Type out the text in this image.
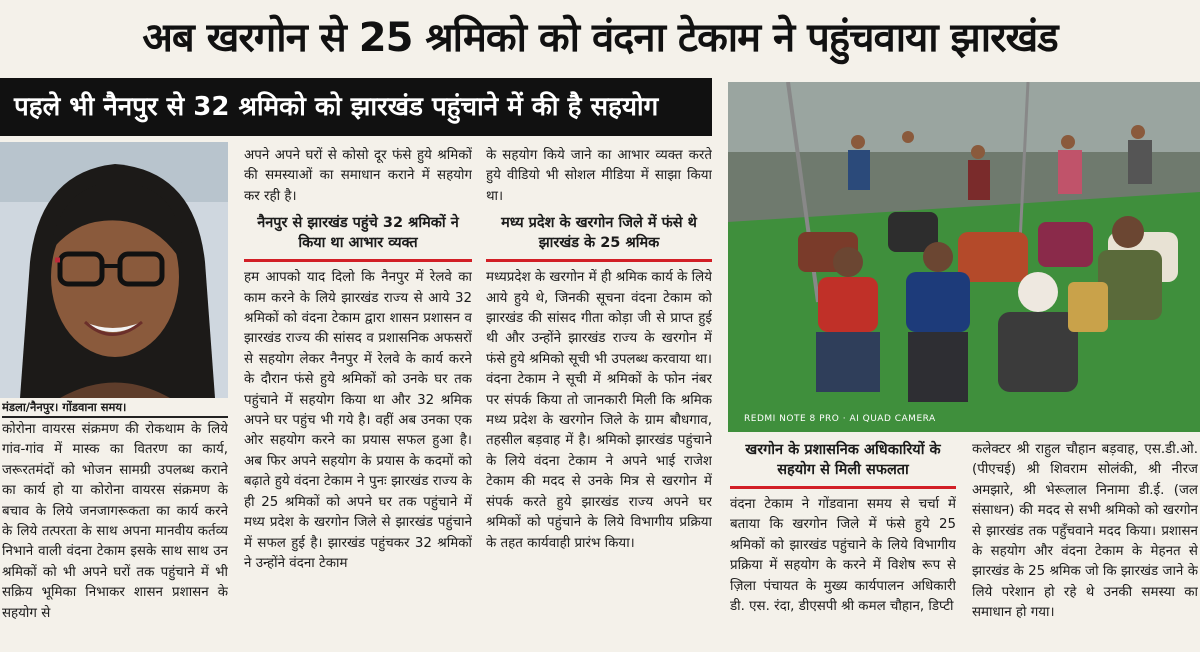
अब खरगोन से 25 श्रमिको को वंदना टेकाम ने पहुंचवाया झारखंड
पहले भी नैनपुर से 32 श्रमिको को झारखंड पहुंचाने में की है सहयोग
मंडला/नैनपुर। गोंडवाना समय।

कोरोना वायरस संक्रमण की रोकथाम के लिये गांव-गांव में मास्क का वितरण का कार्य, जरूरतमंदों को भोजन सामग्री उपलब्ध कराने का कार्य हो या कोरोना वायरस संक्रमण के बचाव के लिये जनजागरूकता का कार्य करने के लिये तत्परता के साथ अपना मानवीय कर्तव्य निभाने वाली वंदना टेकाम इसके साथ साथ उन श्रमिकों को भी अपने घरों तक पहुंचाने में भी सक्रिय भूमिका निभाकर शासन प्रशासन के सहयोग से

अपने अपने घरों से कोसो दूर फंसे हुये श्रमिकों की समस्याओं का समाधान कराने में सहयोग कर रही है।

नैनपुर से झारखंड पहुंचे 32 श्रमिकों ने किया था आभार व्यक्त

हम आपको याद दिलो कि नैनपुर में रेलवे का काम करने के लिये झारखंड राज्य से आये 32 श्रमिकों को वंदना टेकाम द्वारा शासन प्रशासन व झारखंड राज्य की सांसद व प्रशासनिक अफसरों से सहयोग लेकर नैनपुर में रेलवे के कार्य करने के दौरान फंसे हुये श्रमिकों को उनके घर तक पहुंचाने में सहयोग किया था और 32 श्रमिक अपने घर पहुंच भी गये है। वहीं अब उनका एक ओर सहयोग करने का प्रयास सफल हुआ है। अब फिर अपने सहयोग के प्रयास के कदमों को बढ़ाते हुये वंदना टेकाम ने पुनः झारखंड राज्य के ही 25 श्रमिकों को अपने घर तक पहुंचाने में मध्य प्रदेश के खरगोन जिले से झारखंड पहुंचाने में सफल हुई है। झारखंड पहुंचकर 32 श्रमिकों ने उन्होंने वंदना टेकाम

के सहयोग किये जाने का आभार व्यक्त करते हुये वीडियो भी सोशल मीडिया में साझा किया था।

मध्य प्रदेश के खरगोन जिले में फंसे थे झारखंड के 25 श्रमिक

मध्यप्रदेश के खरगोन में ही श्रमिक कार्य के लिये आये हुये थे, जिनकी सूचना वंदना टेकाम को झारखंड की सांसद गीता कोड़ा जी से प्राप्त हुई थी और उन्होंने झारखंड राज्य के खरगोन में फंसे हुये श्रमिको सूची भी उपलब्ध करवाया था। वंदना टेकाम ने सूची में श्रमिकों के फोन नंबर पर संपर्क किया तो जानकारी मिली कि श्रमिक मध्य प्रदेश के खरगोन जिले के ग्राम बौधगाव, तहसील बड़वाह में है। श्रमिको झारखंड पहुंचाने के लिये वंदना टेकाम ने अपने भाई राजेश टेकाम की मदद से उनके मित्र से खरगोन में संपर्क करते हुये झारखंड राज्य अपने घर श्रमिकों को पहुंचाने के लिये विभागीय प्रक्रिया के तहत कार्यवाही प्रारंभ किया।

REDMI NOTE 8 PRO · AI QUAD CAMERA
खरगोन के प्रशासनिक अधिकारियों के सहयोग से मिली सफलता

वंदना टेकाम ने गोंडवाना समय से चर्चा में बताया कि खरगोन जिले में फंसे हुये 25 श्रमिकों को झारखंड पहुंचाने के लिये विभागीय प्रक्रिया में सहयोग के करने में विशेष रूप से ज़िला पंचायत के मुख्य कार्यपालन अधिकारी डी. एस. रंदा, डीएसपी श्री कमल चौहान, डिप्टी

कलेक्टर श्री राहुल चौहान बड़वाह, एस.डी.ओ.(पीएचई) श्री शिवराम सोलंकी, श्री नीरज अमझारे, श्री भेरूलाल निनामा डी.ई. (जल संसाधन) की मदद से सभी श्रमिको को खरगोन से झारखंड तक पहुँचवाने मदद किया। प्रशासन के सहयोग और वंदना टेकाम के मेहनत से झारखंड के 25 श्रमिक जो कि झारखंड जाने के लिये परेशान हो रहे थे उनकी समस्या का समाधान हो गया।
